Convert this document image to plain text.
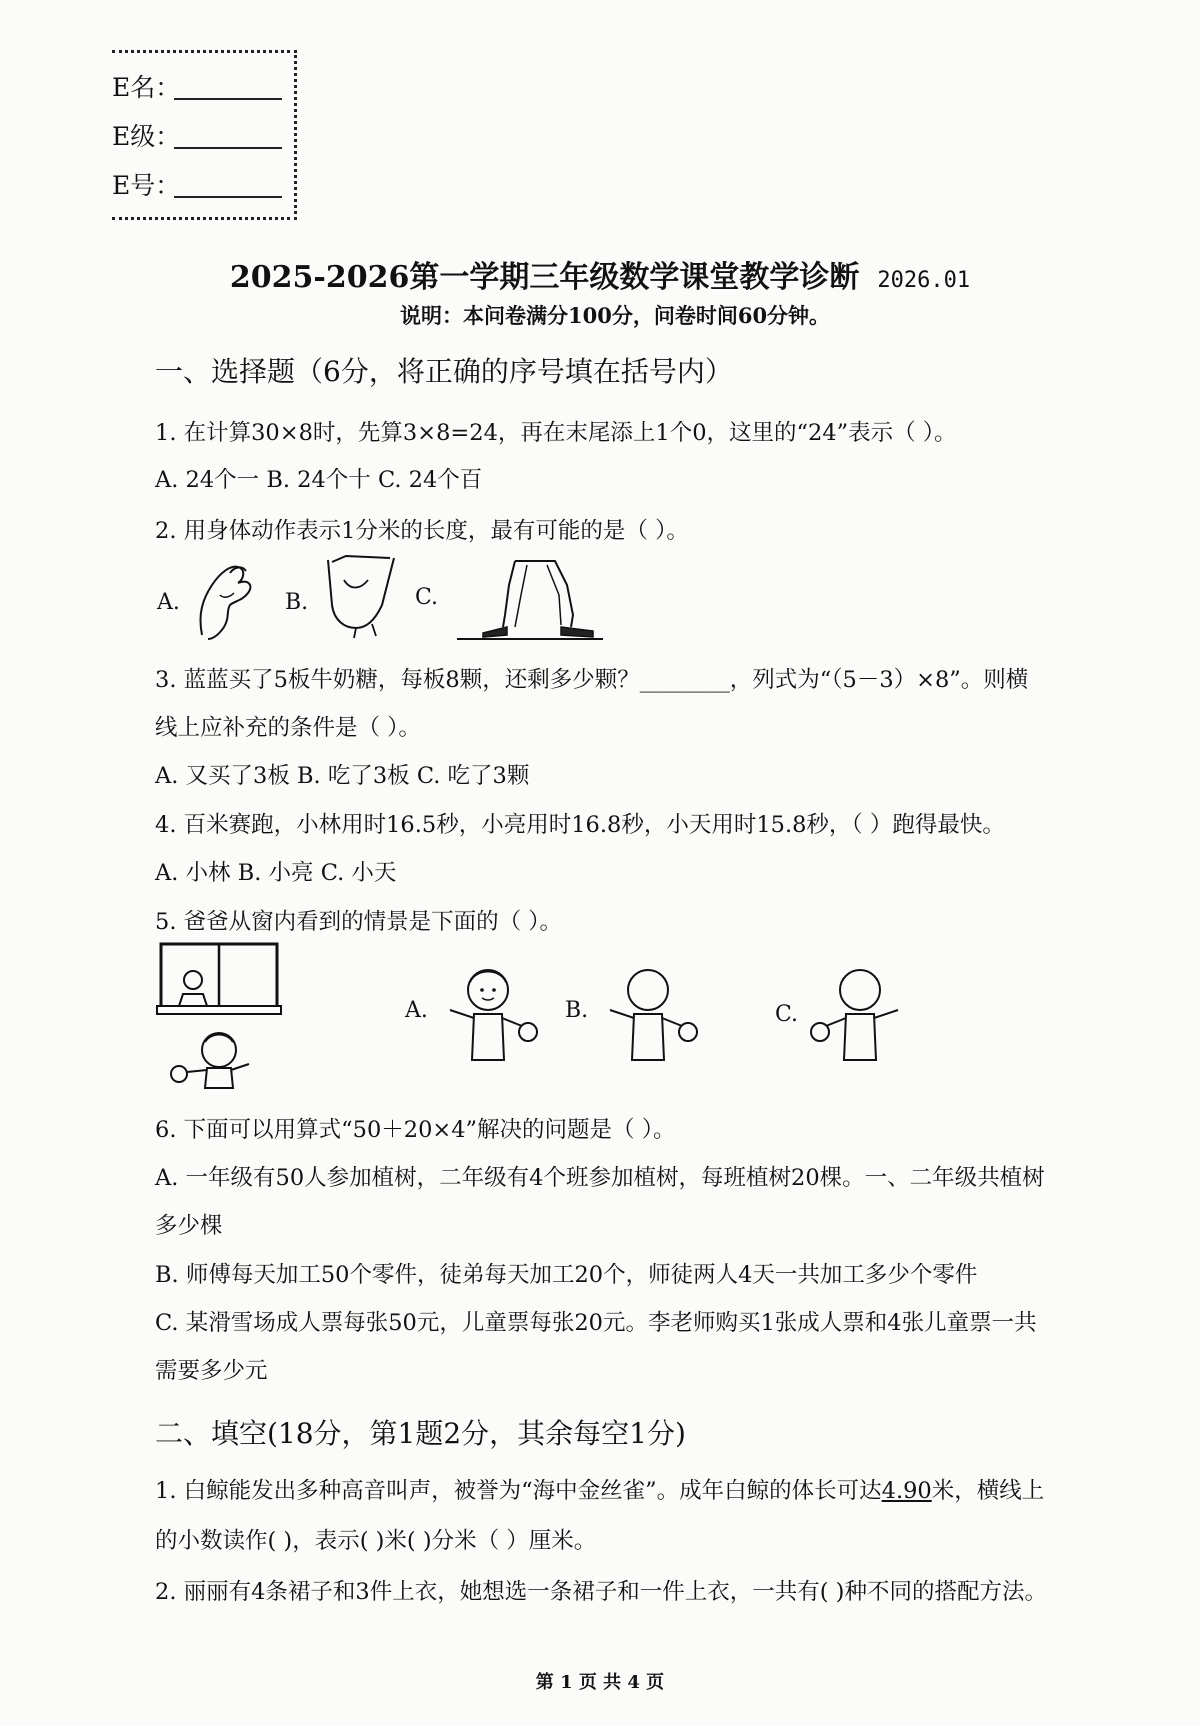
E名：
E级：
E号：
2025-2026第一学期三年级数学课堂教学诊断 2026.01
说明：本问卷满分100分，问卷时间60分钟。
一、选择题（6分，将正确的序号填在括号内）
1. 在计算30×8时，先算3×8=24，再在末尾添上1个0，这里的“24”表示（ ）。
A. 24个一 B. 24个十 C. 24个百
2. 用身体动作表示1分米的长度，最有可能的是（ ）。
A.	B.	C.
3. 蓝蓝买了5板牛奶糖，每板8颗，还剩多少颗？________，列式为“（5－3）×8”。则横
线上应补充的条件是（ ）。
A. 又买了3板 B. 吃了3板 C. 吃了3颗
4. 百米赛跑，小林用时16.5秒，小亮用时16.8秒，小天用时15.8秒，（ ）跑得最快。
A. 小林 B. 小亮 C. 小天
5. 爸爸从窗内看到的情景是下面的（ ）。
A.	B.	C.
6. 下面可以用算式“50＋20×4”解决的问题是（ ）。
A. 一年级有50人参加植树，二年级有4个班参加植树，每班植树20棵。一、二年级共植树
多少棵
B. 师傅每天加工50个零件，徒弟每天加工20个，师徒两人4天一共加工多少个零件
C. 某滑雪场成人票每张50元，儿童票每张20元。李老师购买1张成人票和4张儿童票一共
需要多少元
二、填空(18分，第1题2分，其余每空1分)
1. 白鲸能发出多种高音叫声，被誉为“海中金丝雀”。成年白鲸的体长可达4.90米，横线上
的小数读作( )，表示( )米( )分米（ ）厘米。
2. 丽丽有4条裙子和3件上衣，她想选一条裙子和一件上衣，一共有( )种不同的搭配方法。
第 1 页 共 4 页
